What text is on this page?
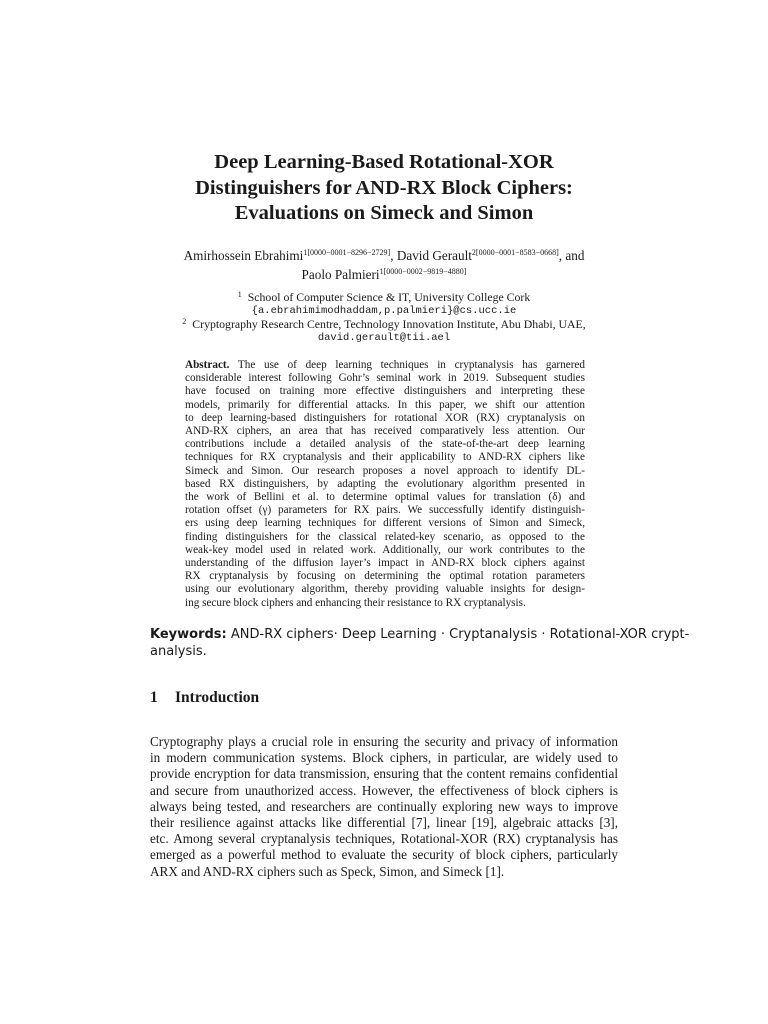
Deep Learning-Based Rotational-XOR
Distinguishers for AND-RX Block Ciphers:
Evaluations on Simeck and Simon
Amirhossein Ebrahimi$^{1[0000-0001-8296-2729]}$, David Gerault$^{2[0000-0001-8583-0668]}$, and
Paolo Palmieri$^{1[0000-0002-9819-4880]}$
$^1$ School of Computer Science & IT, University College Cork
{a.ebrahimimodhaddam,p.palmieri}@cs.ucc.ie
$^2$ Cryptography Research Centre, Technology Innovation Institute, Abu Dhabi, UAE,
david.gerault@tii.ael
Abstract. The use of deep learning techniques in cryptanalysis has garnered
considerable interest following Gohr’s seminal work in 2019. Subsequent studies
have focused on training more effective distinguishers and interpreting these
models, primarily for differential attacks. In this paper, we shift our attention
to deep learning-based distinguishers for rotational XOR (RX) cryptanalysis on
AND-RX ciphers, an area that has received comparatively less attention. Our
contributions include a detailed analysis of the state-of-the-art deep learning
techniques for RX cryptanalysis and their applicability to AND-RX ciphers like
Simeck and Simon. Our research proposes a novel approach to identify DL-
based RX distinguishers, by adapting the evolutionary algorithm presented in
the work of Bellini et al. to determine optimal values for translation (δ) and
rotation offset (γ) parameters for RX pairs. We successfully identify distinguish-
ers using deep learning techniques for different versions of Simon and Simeck,
finding distinguishers for the classical related-key scenario, as opposed to the
weak-key model used in related work. Additionally, our work contributes to the
understanding of the diffusion layer’s impact in AND-RX block ciphers against
RX cryptanalysis by focusing on determining the optimal rotation parameters
using our evolutionary algorithm, thereby providing valuable insights for design-
ing secure block ciphers and enhancing their resistance to RX cryptanalysis.
Keywords: AND-RX ciphers· Deep Learning · Cryptanalysis · Rotational-XOR crypt-
analysis.
1 Introduction
Cryptography plays a crucial role in ensuring the security and privacy of information
in modern communication systems. Block ciphers, in particular, are widely used to
provide encryption for data transmission, ensuring that the content remains confidential
and secure from unauthorized access. However, the effectiveness of block ciphers is
always being tested, and researchers are continually exploring new ways to improve
their resilience against attacks like differential [7], linear [19], algebraic attacks [3],
etc. Among several cryptanalysis techniques, Rotational-XOR (RX) cryptanalysis has
emerged as a powerful method to evaluate the security of block ciphers, particularly
ARX and AND-RX ciphers such as Speck, Simon, and Simeck [1].
